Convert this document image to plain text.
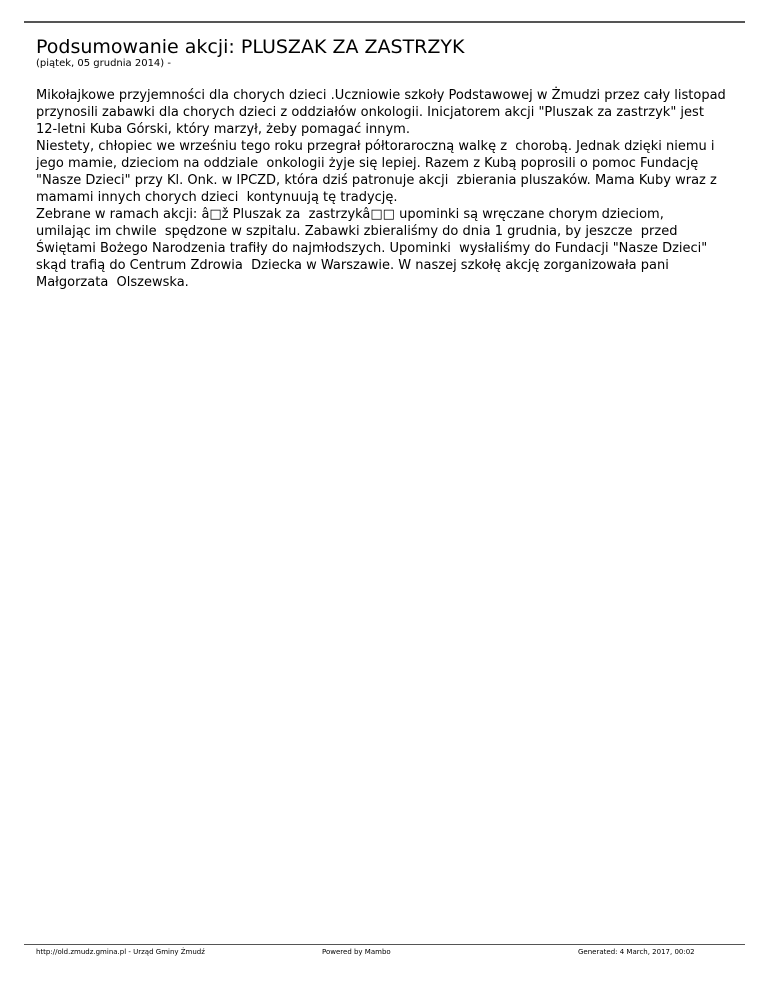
Podsumowanie akcji: PLUSZAK ZA ZASTRZYK
(piątek, 05 grudnia 2014) -
Mikołajkowe przyjemności dla chorych dzieci .Uczniowie szkoły Podstawowej w Żmudzi przez cały listopad
przynosili zabawki dla chorych dzieci z oddziałów onkologii. Inicjatorem akcji "Pluszak za zastrzyk" jest
12-letni Kuba Górski, który marzył, żeby pomagać innym.
Niestety, chłopiec we wrześniu tego roku przegrał półtoraroczną walkę z  chorobą. Jednak dzięki niemu i
jego mamie, dzieciom na oddziale  onkologii żyje się lepiej. Razem z Kubą poprosili o pomoc Fundację
"Nasze Dzieci" przy Kl. Onk. w IPCZD, która dziś patronuje akcji  zbierania pluszaków. Mama Kuby wraz z
mamami innych chorych dzieci  kontynuują tę tradycję.
Zebrane w ramach akcji: â□ž Pluszak za  zastrzykâ□□ upominki są wręczane chorym dzieciom,
umilając im chwile  spędzone w szpitalu. Zabawki zbieraliśmy do dnia 1 grudnia, by jeszcze  przed
Świętami Bożego Narodzenia trafiły do najmłodszych. Upominki  wysłaliśmy do Fundacji "Nasze Dzieci"
skąd trafią do Centrum Zdrowia  Dziecka w Warszawie. W naszej szkołę akcję zorganizowała pani
Małgorzata  Olszewska.
http://old.zmudz.gmina.pl - Urząd Gminy Żmudź	Powered by Mambo	Generated: 4 March, 2017, 00:02
